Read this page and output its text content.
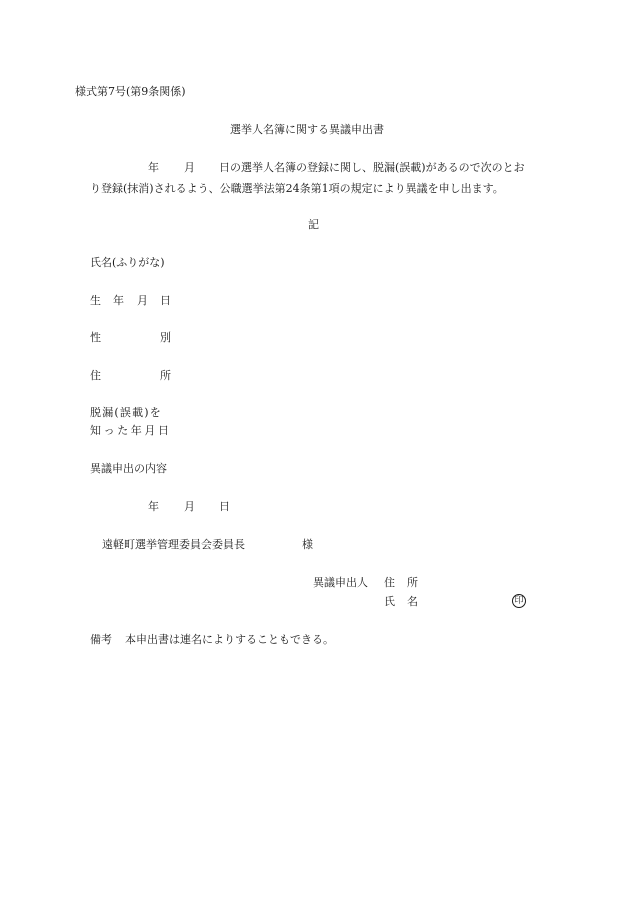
様式第7号(第9条関係)
選挙人名簿に関する異議申出書
年 月 日の選挙人名簿の登録に関し、脱漏(誤載)があるので次のとお
り登録(抹消)されるよう、公職選挙法第24条第1項の規定により異議を申し出ます。
記
氏名(ふりがな)
生 年 月 日
性	別
住	所
脱漏(誤載)を
知った年月日
異議申出の内容
年 月 日
遠軽町選挙管理委員会委員長	様
異議申出人 住 所
氏 名	印
備考 本申出書は連名によりすることもできる。
